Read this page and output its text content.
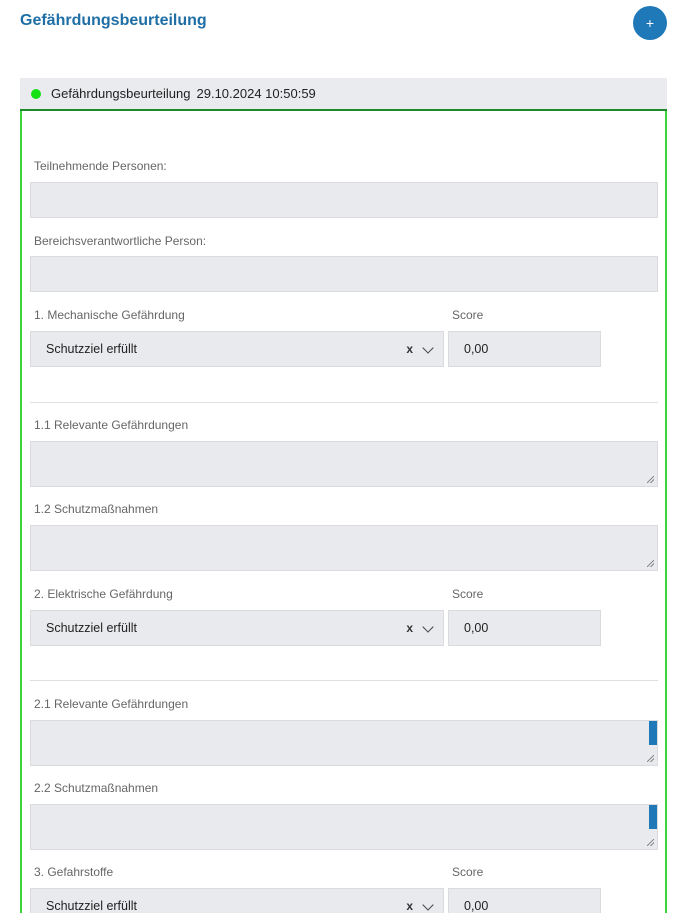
Gefährdungsbeurteilung	+
Gefährdungsbeurteilung 29.10.2024 10:50:59
Teilnehmende Personen:
Bereichsverantwortliche Person:
1. Mechanische Gefährdung	Score
Schutzziel erfüllt	x	0,00
1.1 Relevante Gefährdungen
1.2 Schutzmaßnahmen
2. Elektrische Gefährdung	Score
Schutzziel erfüllt	x	0,00
2.1 Relevante Gefährdungen
2.2 Schutzmaßnahmen
3. Gefahrstoffe	Score
Schutzziel erfüllt	x	0,00
